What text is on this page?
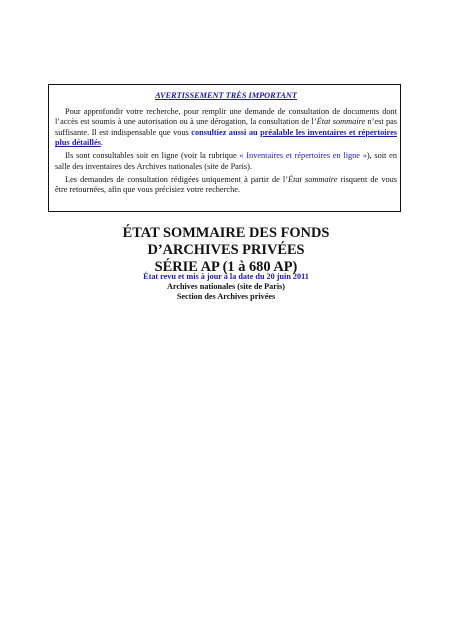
AVERTISSEMENT TRÈS IMPORTANT

Pour approfondir votre recherche, pour remplir une demande de consultation de documents dont l’accès est soumis à une autorisation ou à une dérogation, la consultation de l’État sommaire n’est pas suffisante. Il est indispensable que vous consultiez aussi au préalable les inventaires et répertoires plus détaillés.

Ils sont consultables soit en ligne (voir la rubrique « Inventaires et répertoires en ligne »), soit en salle des inventaires des Archives nationales (site de Paris).

Les demandes de consultation rédigées uniquement à partir de l’État sommaire risquent de vous être retournées, afin que vous précisiez votre recherche.

ÉTAT SOMMAIRE DES FONDS
D’ARCHIVES PRIVÉES
SÉRIE AP (1 à 680 AP)
État revu et mis à jour à la date du 20 juin 2011
Archives nationales (site de Paris)
Section des Archives privées
